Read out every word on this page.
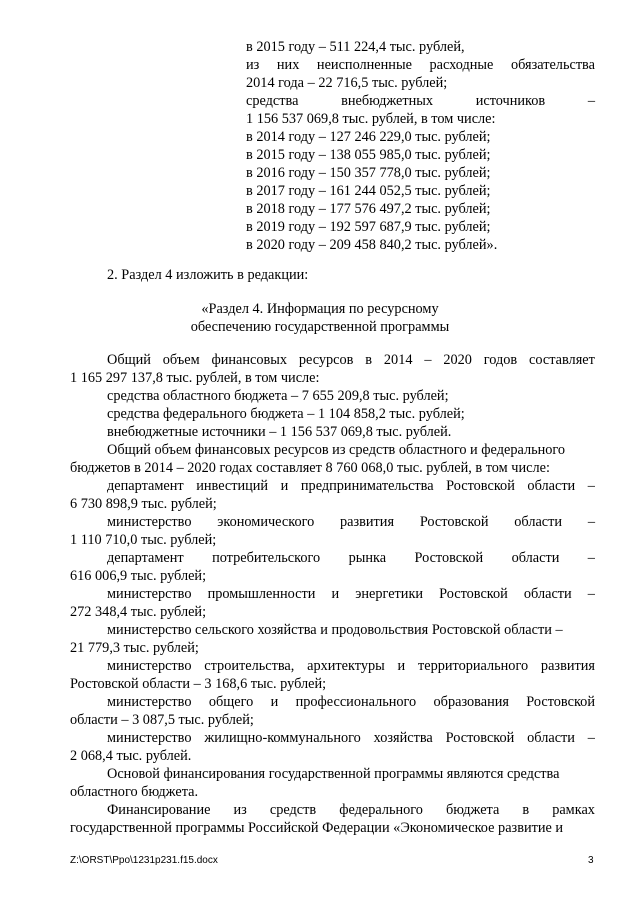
в 2015 году – 511 224,4 тыс. рублей,
из них неисполненные расходные обязательства
2014 года – 22 716,5 тыс. рублей;
средства	внебюджетных	источников	–
1 156 537 069,8 тыс. рублей, в том числе:
в 2014 году – 127 246 229,0 тыс. рублей;
в 2015 году – 138 055 985,0 тыс. рублей;
в 2016 году – 150 357 778,0 тыс. рублей;
в 2017 году – 161 244 052,5 тыс. рублей;
в 2018 году – 177 576 497,2 тыс. рублей;
в 2019 году – 192 597 687,9 тыс. рублей;
в 2020 году – 209 458 840,2 тыс. рублей».
2. Раздел 4 изложить в редакции:
«Раздел 4. Информация по ресурсному
обеспечению государственной программы
Общий объем финансовых ресурсов в 2014 – 2020 годов составляет
1 165 297 137,8 тыс. рублей, в том числе:
средства областного бюджета – 7 655 209,8 тыс. рублей;
средства федерального бюджета – 1 104 858,2 тыс. рублей;
внебюджетные источники – 1 156 537 069,8 тыс. рублей.
Общий объем финансовых ресурсов из средств областного и федерального
бюджетов в 2014 – 2020 годах составляет 8 760 068,0 тыс. рублей, в том числе:
департамент инвестиций и предпринимательства Ростовской области –
6 730 898,9 тыс. рублей;
министерство экономического развития Ростовской области –
1 110 710,0 тыс. рублей;
департамент потребительского рынка Ростовской области –
616 006,9 тыс. рублей;
министерство промышленности и энергетики Ростовской области –
272 348,4 тыс. рублей;
министерство сельского хозяйства и продовольствия Ростовской области –
21 779,3 тыс. рублей;
министерство строительства, архитектуры и территориального развития
Ростовской области – 3 168,6 тыс. рублей;
министерство общего и профессионального образования Ростовской
области – 3 087,5 тыс. рублей;
министерство жилищно-коммунального хозяйства Ростовской области –
2 068,4 тыс. рублей.
Основой финансирования государственной программы являются средства
областного бюджета.
Финансирование из средств федерального бюджета в рамках
государственной программы Российской Федерации «Экономическое развитие и
Z:\ORST\Ppo\1231p231.f15.docx	3
